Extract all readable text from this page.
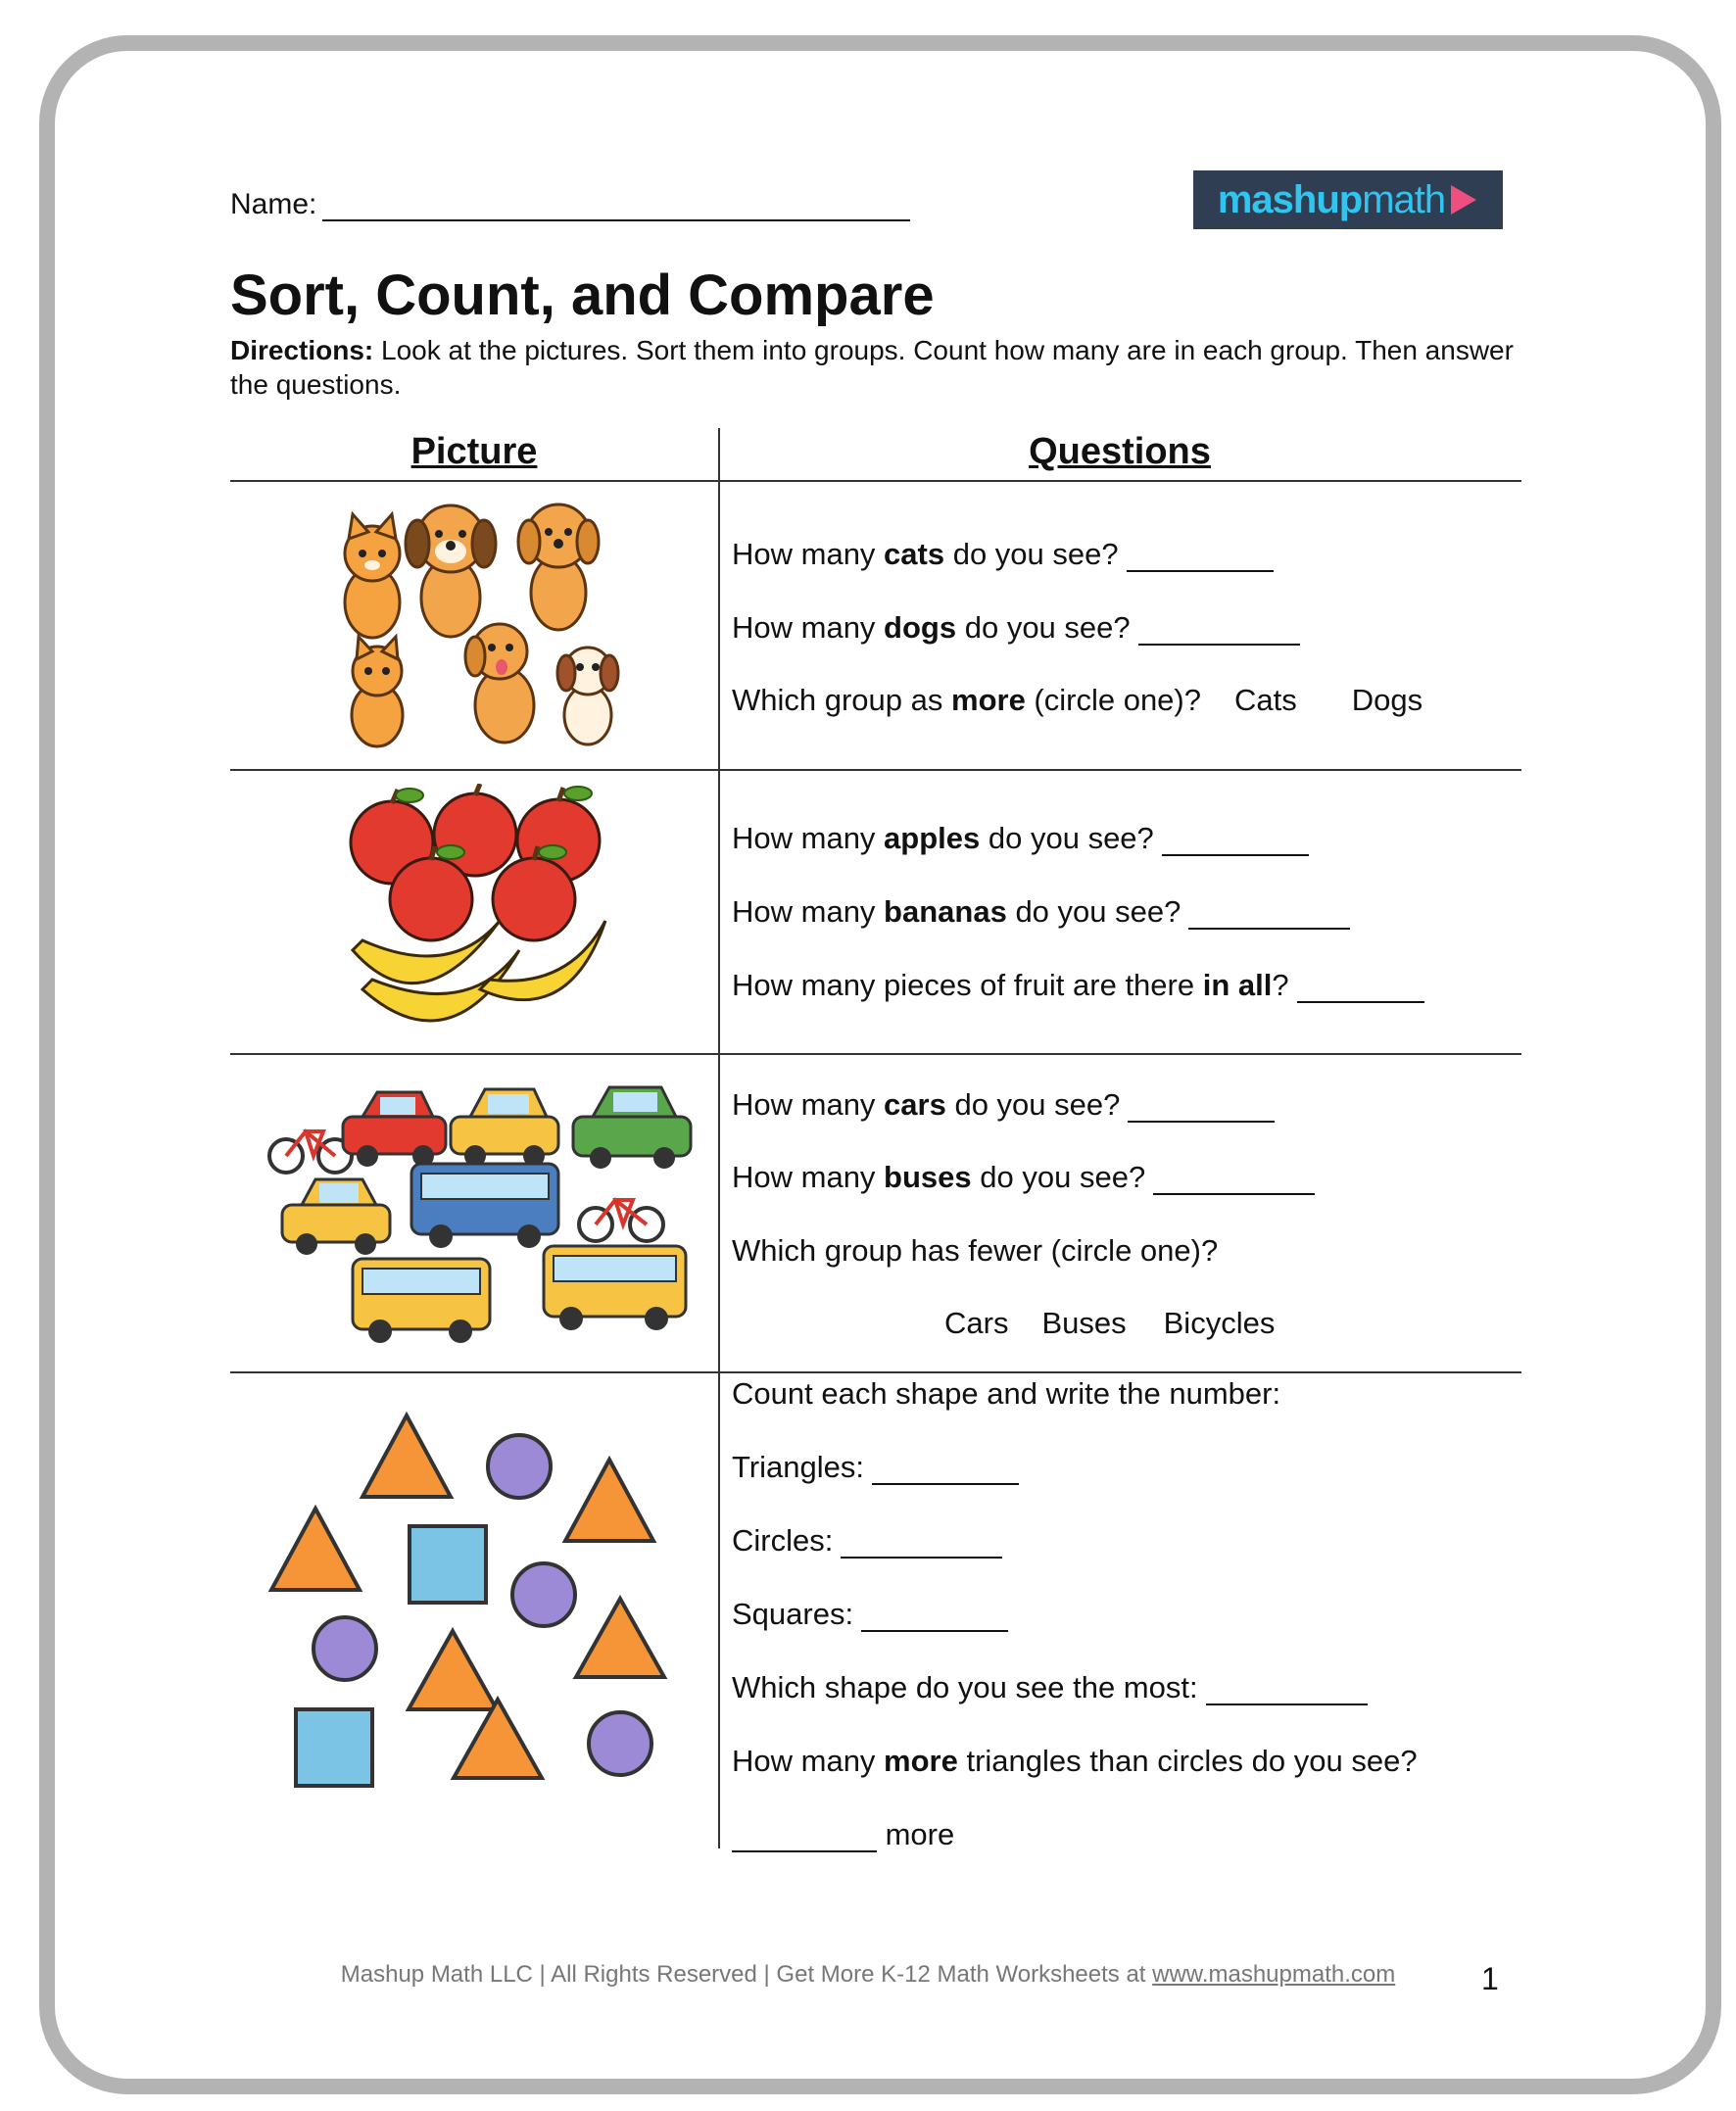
Name:	mashup math
Sort, Count, and Compare
Directions: Look at the pictures. Sort them into groups. Count how many are in each group. Then answer the questions.
Picture	Questions
How many cats do you see?
How many dogs do you see?
Which group as more (circle one)? Cats Dogs
How many apples do you see?
How many bananas do you see?
How many pieces of fruit are there in all?
How many cars do you see?
How many buses do you see?
Which group has fewer (circle one)?
Cars Buses Bicycles
Count each shape and write the number:
Triangles:
Circles:
Squares:
Which shape do you see the most:
How many more triangles than circles do you see?
more
Mashup Math LLC | All Rights Reserved | Get More K-12 Math Worksheets at www.mashupmath.com	1
